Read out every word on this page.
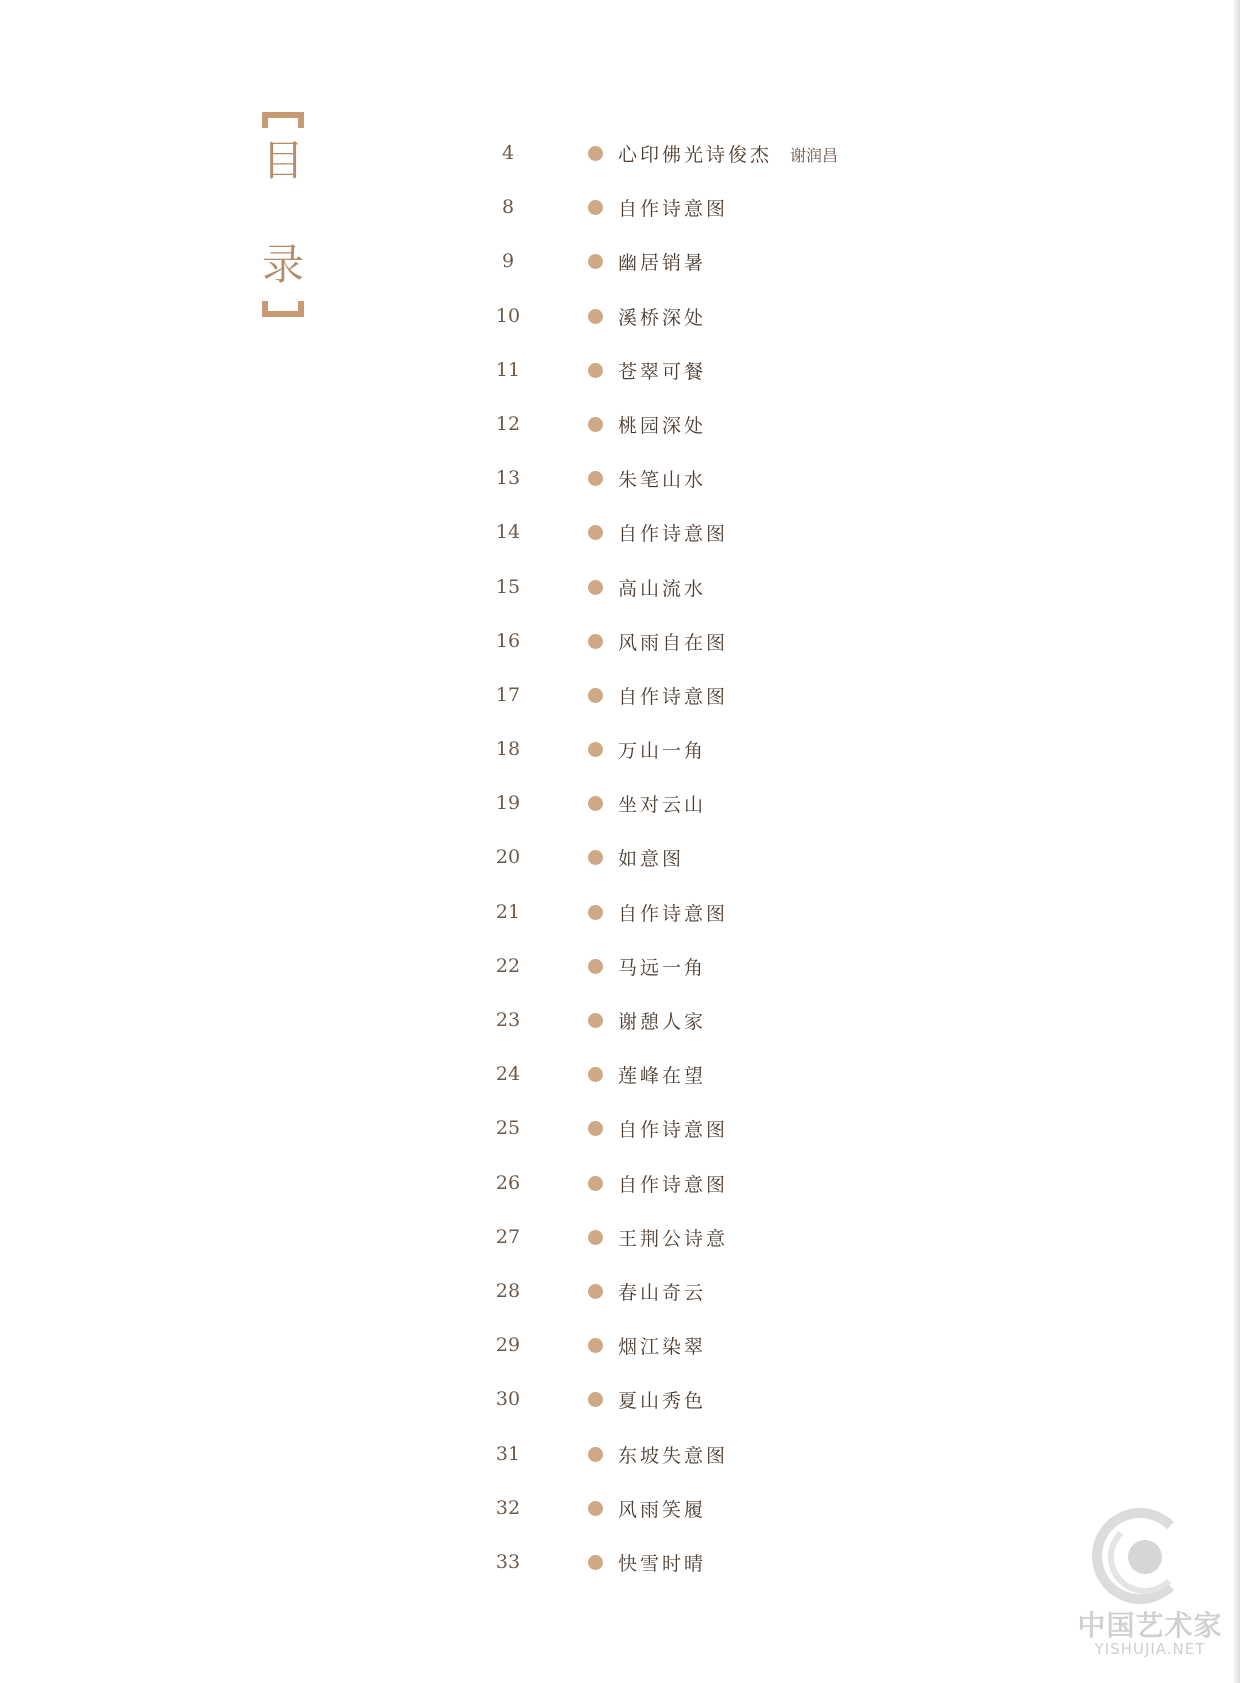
目
录
4	心印佛光诗俊杰 谢润昌
8	自作诗意图
9	幽居销暑
10	溪桥深处
11	苍翠可餐
12	桃园深处
13	朱笔山水
14	自作诗意图
15	高山流水
16	风雨自在图
17	自作诗意图
18	万山一角
19	坐对云山
20	如意图
21	自作诗意图
22	马远一角
23	谢憩人家
24	莲峰在望
25	自作诗意图
26	自作诗意图
27	王荆公诗意
28	春山奇云
29	烟江染翠
30	夏山秀色
31	东坡失意图
32	风雨笑履
33	快雪时晴
中国艺术家
YISHUJIA.NET
